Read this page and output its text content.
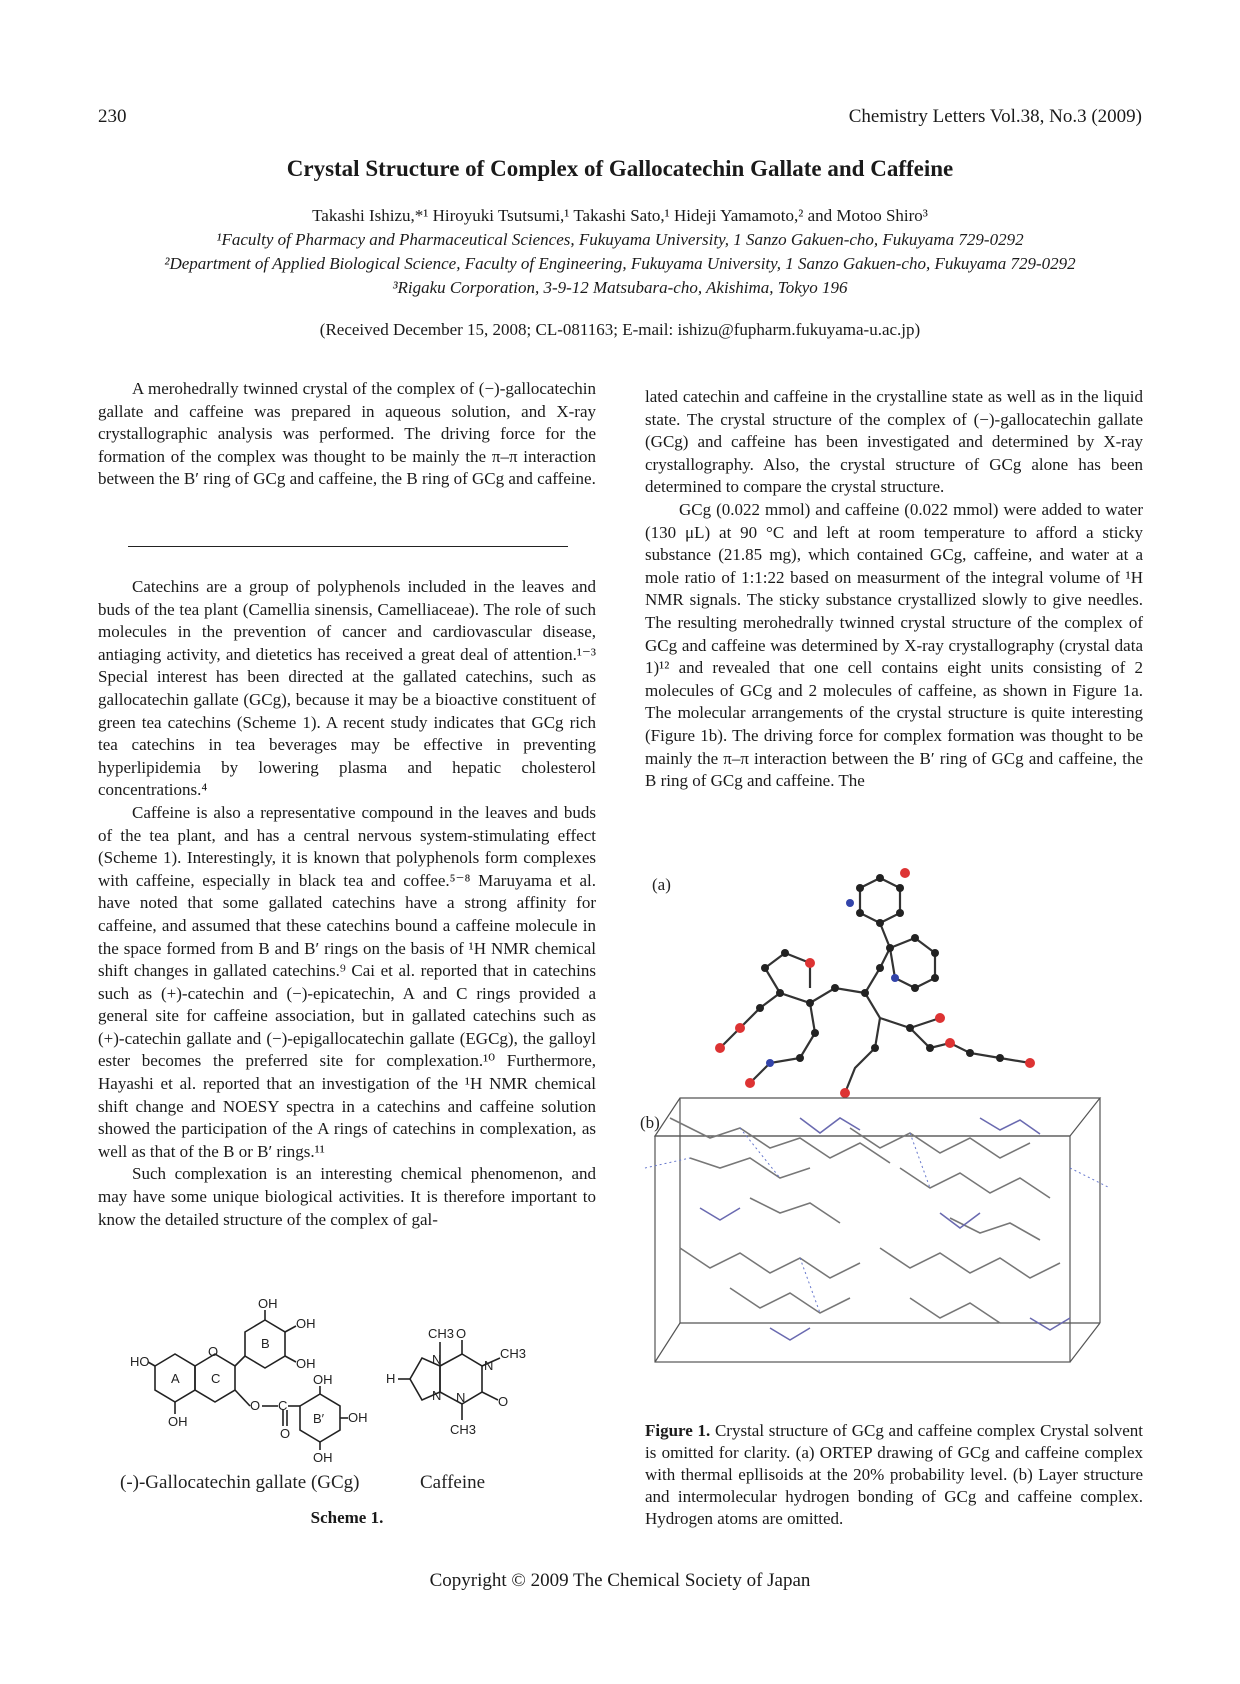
230	Chemistry Letters Vol.38, No.3 (2009)
Crystal Structure of Complex of Gallocatechin Gallate and Caffeine
Takashi Ishizu,*¹ Hiroyuki Tsutsumi,¹ Takashi Sato,¹ Hideji Yamamoto,² and Motoo Shiro³
¹Faculty of Pharmacy and Pharmaceutical Sciences, Fukuyama University, 1 Sanzo Gakuen-cho, Fukuyama 729-0292
²Department of Applied Biological Science, Faculty of Engineering, Fukuyama University, 1 Sanzo Gakuen-cho, Fukuyama 729-0292
³Rigaku Corporation, 3-9-12 Matsubara-cho, Akishima, Tokyo 196
(Received December 15, 2008; CL-081163; E-mail: ishizu@fupharm.fukuyama-u.ac.jp)

A merohedrally twinned crystal of the complex of (−)-gallocatechin gallate and caffeine was prepared in aqueous solution, and X-ray crystallographic analysis was performed. The driving force for the formation of the complex was thought to be mainly the π–π interaction between the B′ ring of GCg and caffeine, the B ring of GCg and caffeine.

Catechins are a group of polyphenols included in the leaves and buds of the tea plant (Camellia sinensis, Camelliaceae). The role of such molecules in the prevention of cancer and cardiovascular disease, antiaging activity, and dietetics has received a great deal of attention.¹⁻³ Special interest has been directed at the gallated catechins, such as gallocatechin gallate (GCg), because it may be a bioactive constituent of green tea catechins (Scheme 1). A recent study indicates that GCg rich tea catechins in tea beverages may be effective in preventing hyperlipidemia by lowering plasma and hepatic cholesterol concentrations.⁴

Caffeine is also a representative compound in the leaves and buds of the tea plant, and has a central nervous system-stimulating effect (Scheme 1). Interestingly, it is known that polyphenols form complexes with caffeine, especially in black tea and coffee.⁵⁻⁸ Maruyama et al. have noted that some gallated catechins have a strong affinity for caffeine, and assumed that these catechins bound a caffeine molecule in the space formed from B and B′ rings on the basis of ¹H NMR chemical shift changes in gallated catechins.⁹ Cai et al. reported that in catechins such as (+)-catechin and (−)-epicatechin, A and C rings provided a general site for caffeine association, but in gallated catechins such as (+)-catechin gallate and (−)-epigallocatechin gallate (EGCg), the galloyl ester becomes the preferred site for complexation.¹⁰ Furthermore, Hayashi et al. reported that an investigation of the ¹H NMR chemical shift change and NOESY spectra in a catechins and caffeine solution showed the participation of the A rings of catechins in complexation, as well as that of the B or B′ rings.¹¹

Such complexation is an interesting chemical phenomenon, and may have some unique biological activities. It is therefore important to know the detailed structure of the complex of gal-

lated catechin and caffeine in the crystalline state as well as in the liquid state. The crystal structure of the complex of (−)-gallocatechin gallate (GCg) and caffeine has been investigated and determined by X-ray crystallography. Also, the crystal structure of GCg alone has been determined to compare the crystal structure.

GCg (0.022 mmol) and caffeine (0.022 mmol) were added to water (130 μL) at 90 °C and left at room temperature to afford a sticky substance (21.85 mg), which contained GCg, caffeine, and water at a mole ratio of 1:1:22 based on measurment of the integral volume of ¹H NMR signals. The sticky substance crystallized slowly to give needles. The resulting merohedrally twinned crystal structure of the complex of GCg and caffeine was determined by X-ray crystallography (crystal data 1)¹² and revealed that one cell contains eight units consisting of 2 molecules of GCg and 2 molecules of caffeine, as shown in Figure 1a. The molecular arrangements of the crystal structure is quite interesting (Figure 1b). The driving force for complex formation was thought to be mainly the π–π interaction between the B′ ring of GCg and caffeine, the B ring of GCg and caffeine. The

HO
OH
O
OH
OH
OH
O C
O
OH
OH
OH
A C
B
B′
CH3
N
H
N
O
N
CH3
O
N
CH3
(-)-Gallocatechin gallate (GCg)	Caffeine
Scheme 1.
(a)
(b)
Figure 1. Crystal structure of GCg and caffeine complex Crystal solvent is omitted for clarity. (a) ORTEP drawing of GCg and caffeine complex with thermal epllisoids at the 20% probability level. (b) Layer structure and intermolecular hydrogen bonding of GCg and caffeine complex. Hydrogen atoms are omitted.
Copyright © 2009 The Chemical Society of Japan
